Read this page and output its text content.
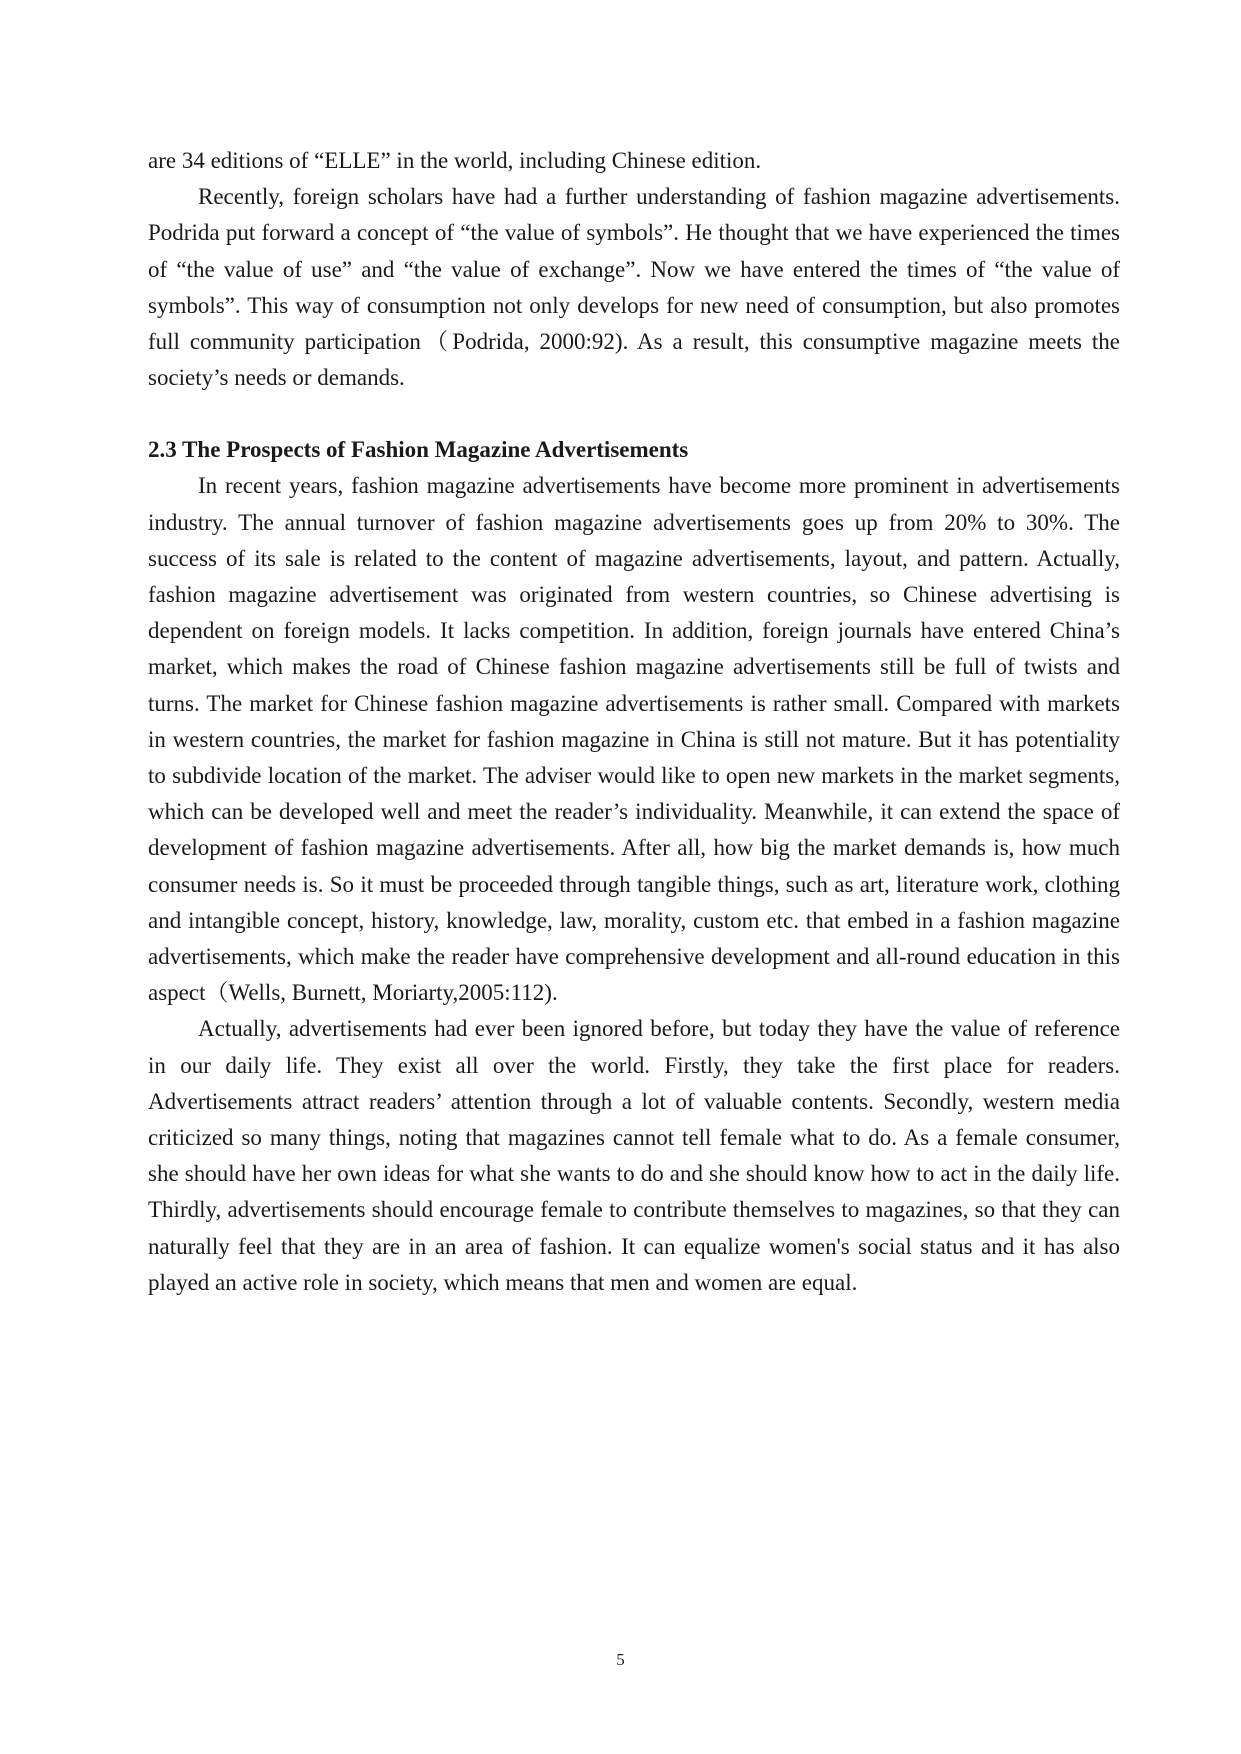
are 34 editions of “ELLE” in the world, including Chinese edition.

Recently, foreign scholars have had a further understanding of fashion magazine advertisements. Podrida put forward a concept of “the value of symbols”. He thought that we have experienced the times of “the value of use” and “the value of exchange”. Now we have entered the times of “the value of symbols”. This way of consumption not only develops for new need of consumption, but also promotes full community participation（Podrida, 2000:92). As a result, this consumptive magazine meets the society’s needs or demands.

2.3 The Prospects of Fashion Magazine Advertisements

In recent years, fashion magazine advertisements have become more prominent in advertisements industry. The annual turnover of fashion magazine advertisements goes up from 20% to 30%. The success of its sale is related to the content of magazine advertisements, layout, and pattern. Actually, fashion magazine advertisement was originated from western countries, so Chinese advertising is dependent on foreign models. It lacks competition. In addition, foreign journals have entered China’s market, which makes the road of Chinese fashion magazine advertisements still be full of twists and turns. The market for Chinese fashion magazine advertisements is rather small. Compared with markets in western countries, the market for fashion magazine in China is still not mature. But it has potentiality to subdivide location of the market. The adviser would like to open new markets in the market segments, which can be developed well and meet the reader’s individuality. Meanwhile, it can extend the space of development of fashion magazine advertisements. After all, how big the market demands is, how much consumer needs is. So it must be proceeded through tangible things, such as art, literature work, clothing and intangible concept, history, knowledge, law, morality, custom etc. that embed in a fashion magazine advertisements, which make the reader have comprehensive development and all-round education in this aspect（Wells, Burnett, Moriarty,2005:112).

Actually, advertisements had ever been ignored before, but today they have the value of reference in our daily life. They exist all over the world. Firstly, they take the first place for readers. Advertisements attract readers’ attention through a lot of valuable contents. Secondly, western media criticized so many things, noting that magazines cannot tell female what to do. As a female consumer, she should have her own ideas for what she wants to do and she should know how to act in the daily life. Thirdly, advertisements should encourage female to contribute themselves to magazines, so that they can naturally feel that they are in an area of fashion. It can equalize women's social status and it has also played an active role in society, which means that men and women are equal.

5
